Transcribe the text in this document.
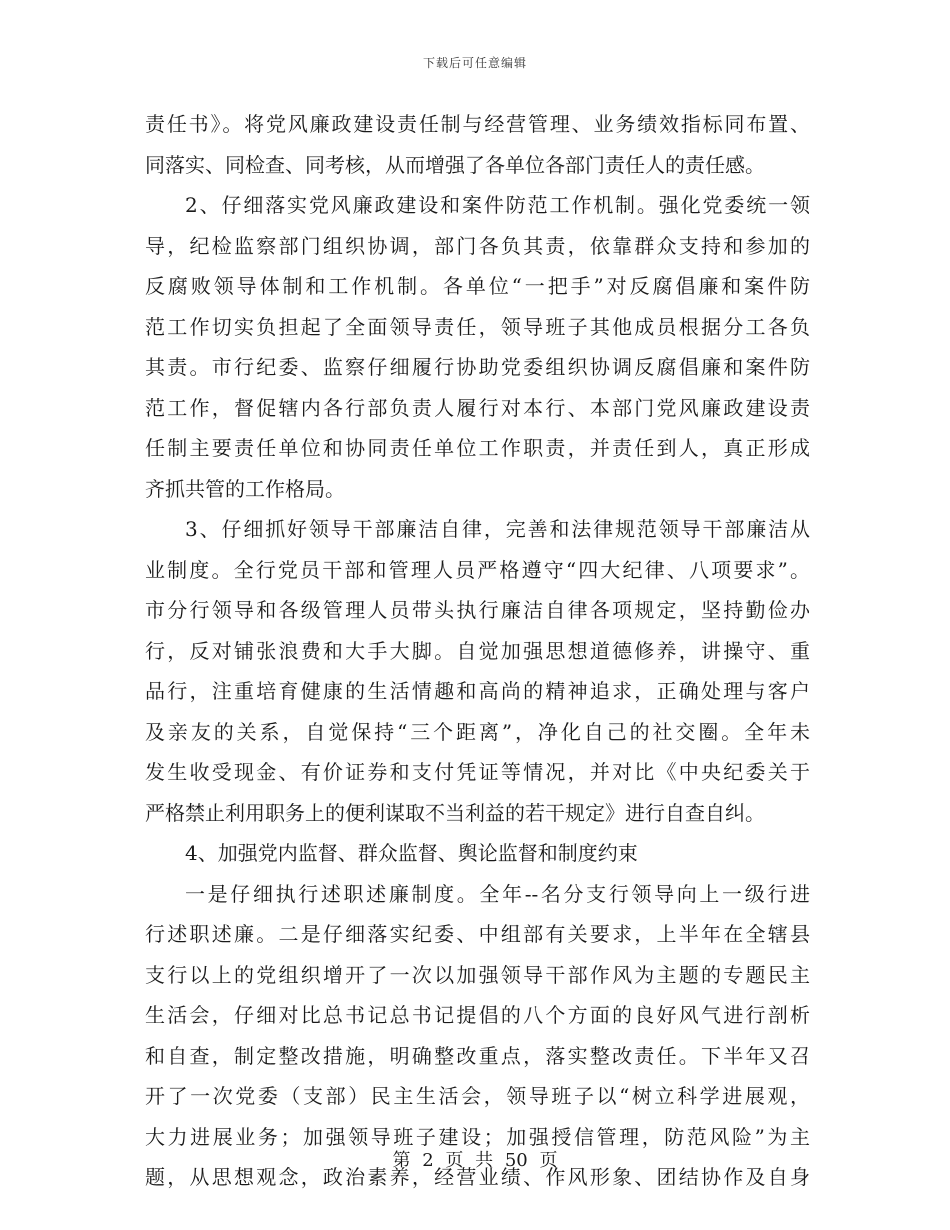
下载后可任意编辑
责任书》。将党风廉政建设责任制与经营管理、业务绩效指标同布置、
同落实、同检查、同考核，从而增强了各单位各部门责任人的责任感。
2、仔细落实党风廉政建设和案件防范工作机制。强化党委统一领
导，纪检监察部门组织协调，部门各负其责，依靠群众支持和参加的
反腐败领导体制和工作机制。各单位“一把手”对反腐倡廉和案件防
范工作切实负担起了全面领导责任，领导班子其他成员根据分工各负
其责。市行纪委、监察仔细履行协助党委组织协调反腐倡廉和案件防
范工作，督促辖内各行部负责人履行对本行、本部门党风廉政建设责
任制主要责任单位和协同责任单位工作职责，并责任到人，真正形成
齐抓共管的工作格局。
3、仔细抓好领导干部廉洁自律，完善和法律规范领导干部廉洁从
业制度。全行党员干部和管理人员严格遵守“四大纪律、八项要求”。
市分行领导和各级管理人员带头执行廉洁自律各项规定，坚持勤俭办
行，反对铺张浪费和大手大脚。自觉加强思想道德修养，讲操守、重
品行，注重培育健康的生活情趣和高尚的精神追求，正确处理与客户
及亲友的关系，自觉保持“三个距离”，净化自己的社交圈。全年未
发生收受现金、有价证券和支付凭证等情况，并对比《中央纪委关于
严格禁止利用职务上的便利谋取不当利益的若干规定》进行自查自纠。
4、加强党内监督、群众监督、舆论监督和制度约束
一是仔细执行述职述廉制度。全年--名分支行领导向上一级行进
行述职述廉。二是仔细落实纪委、中组部有关要求，上半年在全辖县
支行以上的党组织增开了一次以加强领导干部作风为主题的专题民主
生活会，仔细对比总书记总书记提倡的八个方面的良好风气进行剖析
和自查，制定整改措施，明确整改重点，落实整改责任。下半年又召
开了一次党委（支部）民主生活会，领导班子以“树立科学进展观，
大力进展业务；加强领导班子建设；加强授信管理，防范风险”为主
题，从思想观念，政治素养，经营业绩、作风形象、团结协作及自身
第 2 页 共 50 页
